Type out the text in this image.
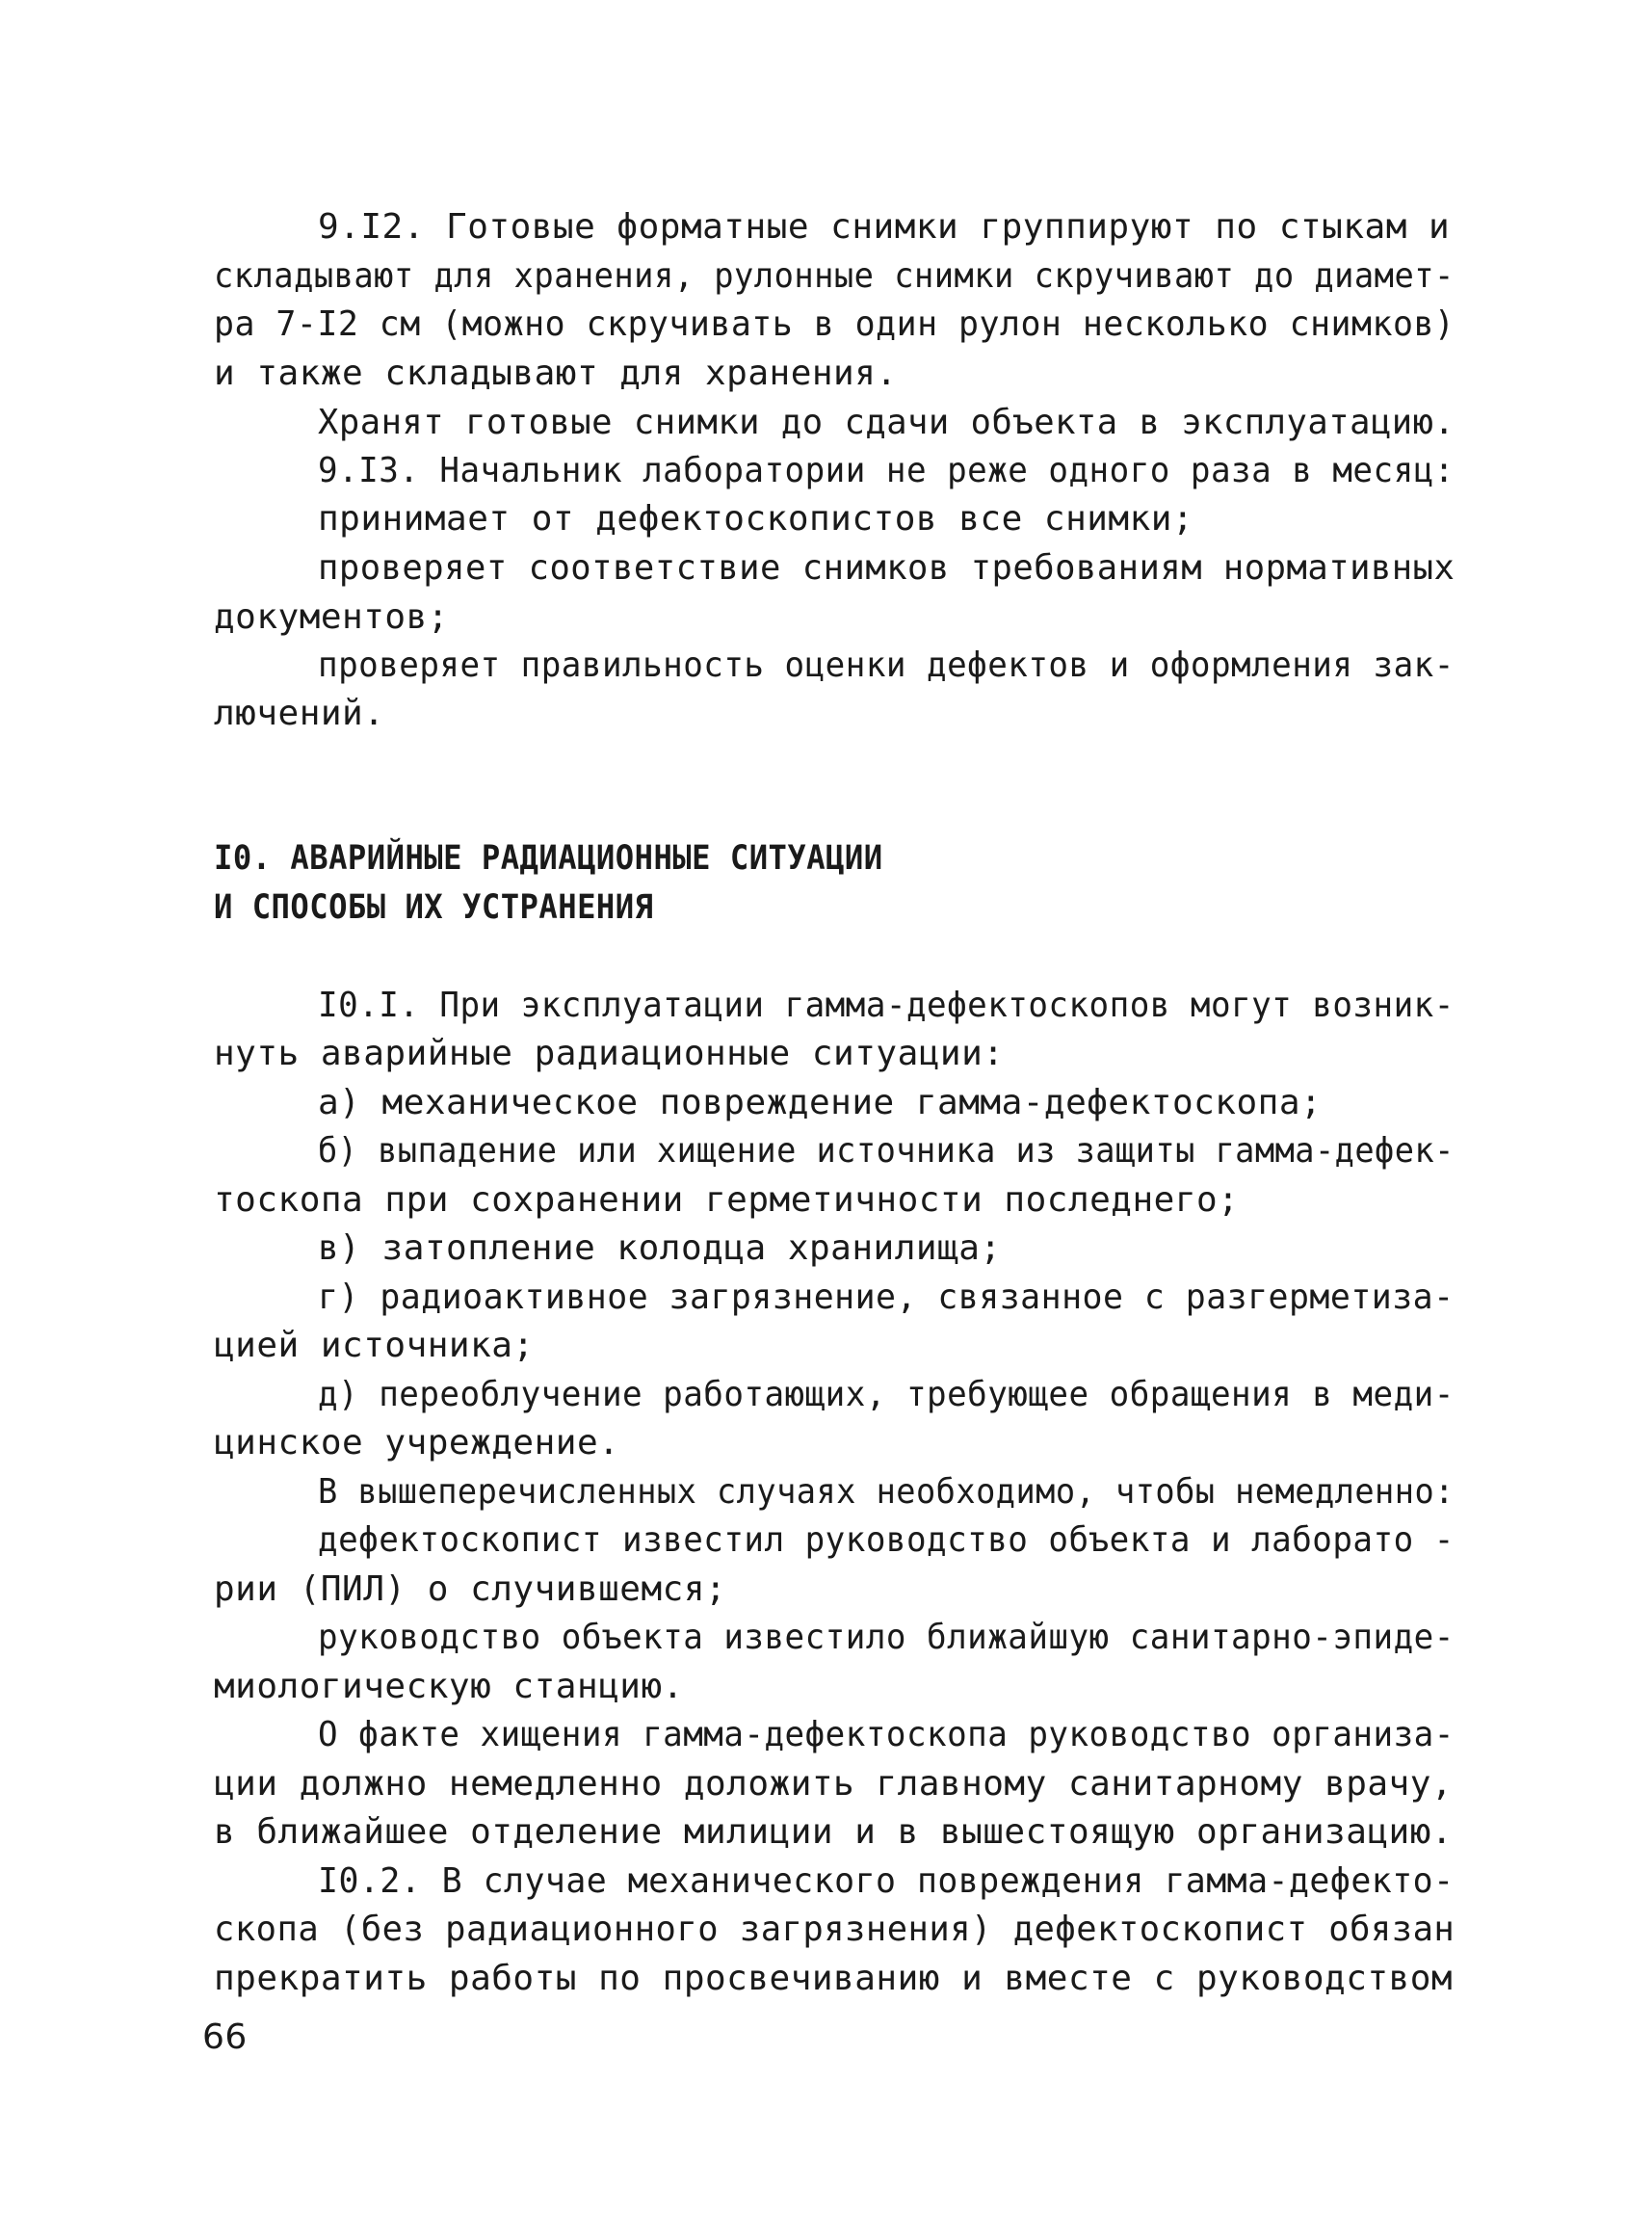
9.I2. Готовые форматные снимки группируют по стыкам и
складывают для хранения, рулонные снимки скручивают до диамет-
ра 7-I2 см (можно скручивать в один рулон несколько снимков)
и также складывают для хранения.
Хранят готовые снимки до сдачи объекта в эксплуатацию.
9.I3. Начальник лаборатории не реже одного раза в месяц:
принимает от дефектоскопистов все снимки;
проверяет соответствие снимков требованиям нормативных
документов;
проверяет правильность оценки дефектов и оформления зак-
лючений.
I0. АВАРИЙНЫЕ РАДИАЦИОННЫЕ СИТУАЦИИ
И СПОСОБЫ ИХ УСТРАНЕНИЯ
I0.I. При эксплуатации гамма-дефектоскопов могут возник-
нуть аварийные радиационные ситуации:
а) механическое повреждение гамма-дефектоскопа;
б) выпадение или хищение источника из защиты гамма-дефек-
тоскопа при сохранении герметичности последнего;
в) затопление колодца хранилища;
г) радиоактивное загрязнение, связанное с разгерметиза-
цией источника;
д) переоблучение работающих, требующее обращения в меди-
цинское учреждение.
В вышеперечисленных случаях необходимо, чтобы немедленно:
дефектоскопист известил руководство объекта и лаборато -
рии (ПИЛ) о случившемся;
руководство объекта известило ближайшую санитарно-эпиде-
миологическую станцию.
О факте хищения гамма-дефектоскопа руководство организа-
ции должно немедленно доложить главному санитарному врачу,
в ближайшее отделение милиции и в вышестоящую организацию.
I0.2. В случае механического повреждения гамма-дефекто-
скопа (без радиационного загрязнения) дефектоскопист обязан
прекратить работы по просвечиванию и вместе с руководством
66
